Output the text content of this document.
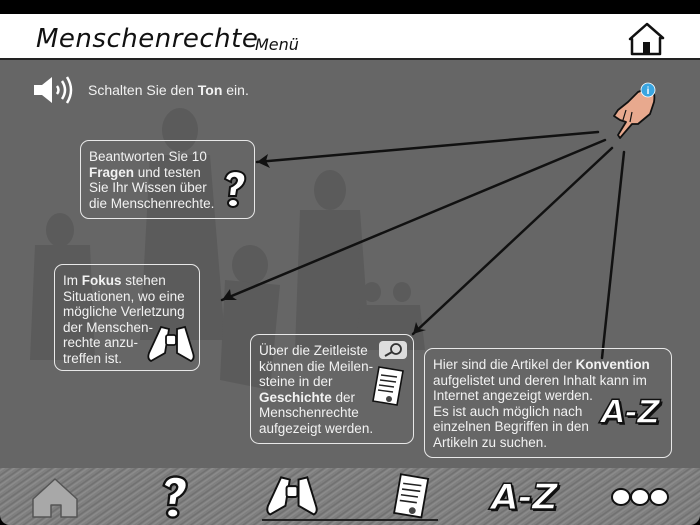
Menschenrechte
Menü
Schalten Sie den Ton ein.	i
Beantworten Sie 10
Fragen und testen
Sie Ihr Wissen über
die Menschenrechte.
Im Fokus stehen
Situationen, wo eine
mögliche Verletzung
der Menschen-
rechte anzu-
treffen ist.	Über die Zeitleiste
können die Meilen-
steine in der
Geschichte der
Menschenrechte
aufgezeigt werden.
Hier sind die Artikel der Konvention
aufgelistet und deren Inhalt kann im
Internet angezeigt werden.
Es ist auch möglich nach
einzelnen Begriffen in den
Artikeln zu suchen.
A-Z
A-Z
